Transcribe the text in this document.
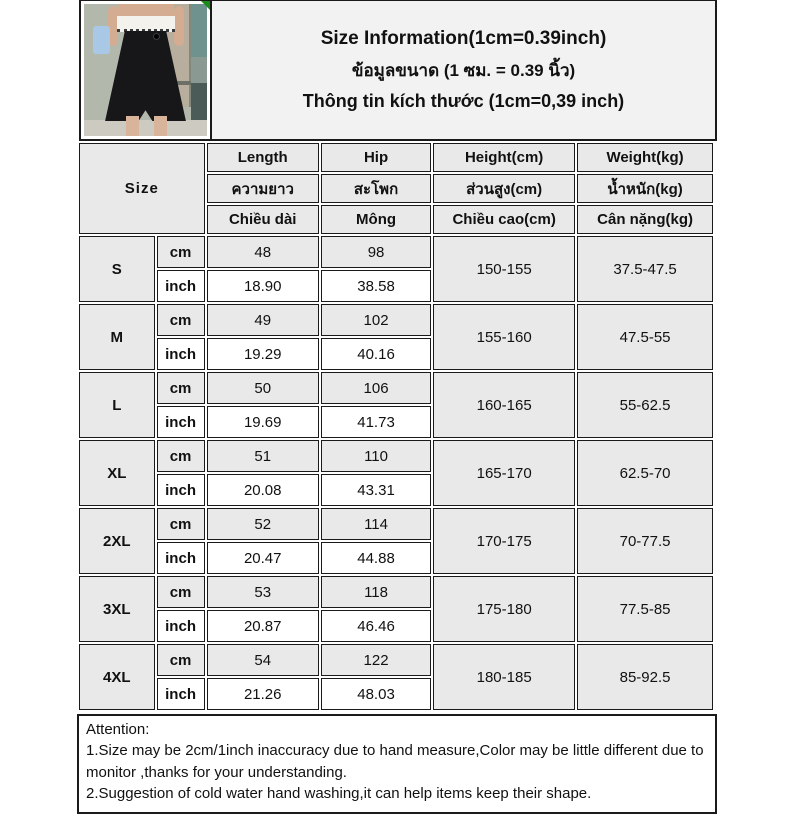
Size Information(1cm=0.39inch)
ข้อมูลขนาด (1 ซม. = 0.39 นิ้ว)
Thông tin kích thước (1cm=0,39 inch)
Size		Length	Hip	Height(cm)	Weight(kg)
		ความยาว	สะโพก	ส่วนสูง(cm)	น้ำหนัก(kg)
		Chiều dài	Mông	Chiều cao(cm)	Cân nặng(kg)
S	cm	48	98	150-155	37.5-47.5
	inch	18.90	38.58		
M	cm	49	102	155-160	47.5-55
	inch	19.29	40.16		
L	cm	50	106	160-165	55-62.5
	inch	19.69	41.73		
XL	cm	51	110	165-170	62.5-70
	inch	20.08	43.31		
2XL	cm	52	114	170-175	70-77.5
	inch	20.47	44.88		
3XL	cm	53	118	175-180	77.5-85
	inch	20.87	46.46		
4XL	cm	54	122	180-185	85-92.5
	inch	21.26	48.03		
Attention:
1.Size may be 2cm/1inch inaccuracy due to hand measure,Color may be little different due to monitor ,thanks for your understanding.
2.Suggestion of cold water hand washing,it can help items keep their shape.
